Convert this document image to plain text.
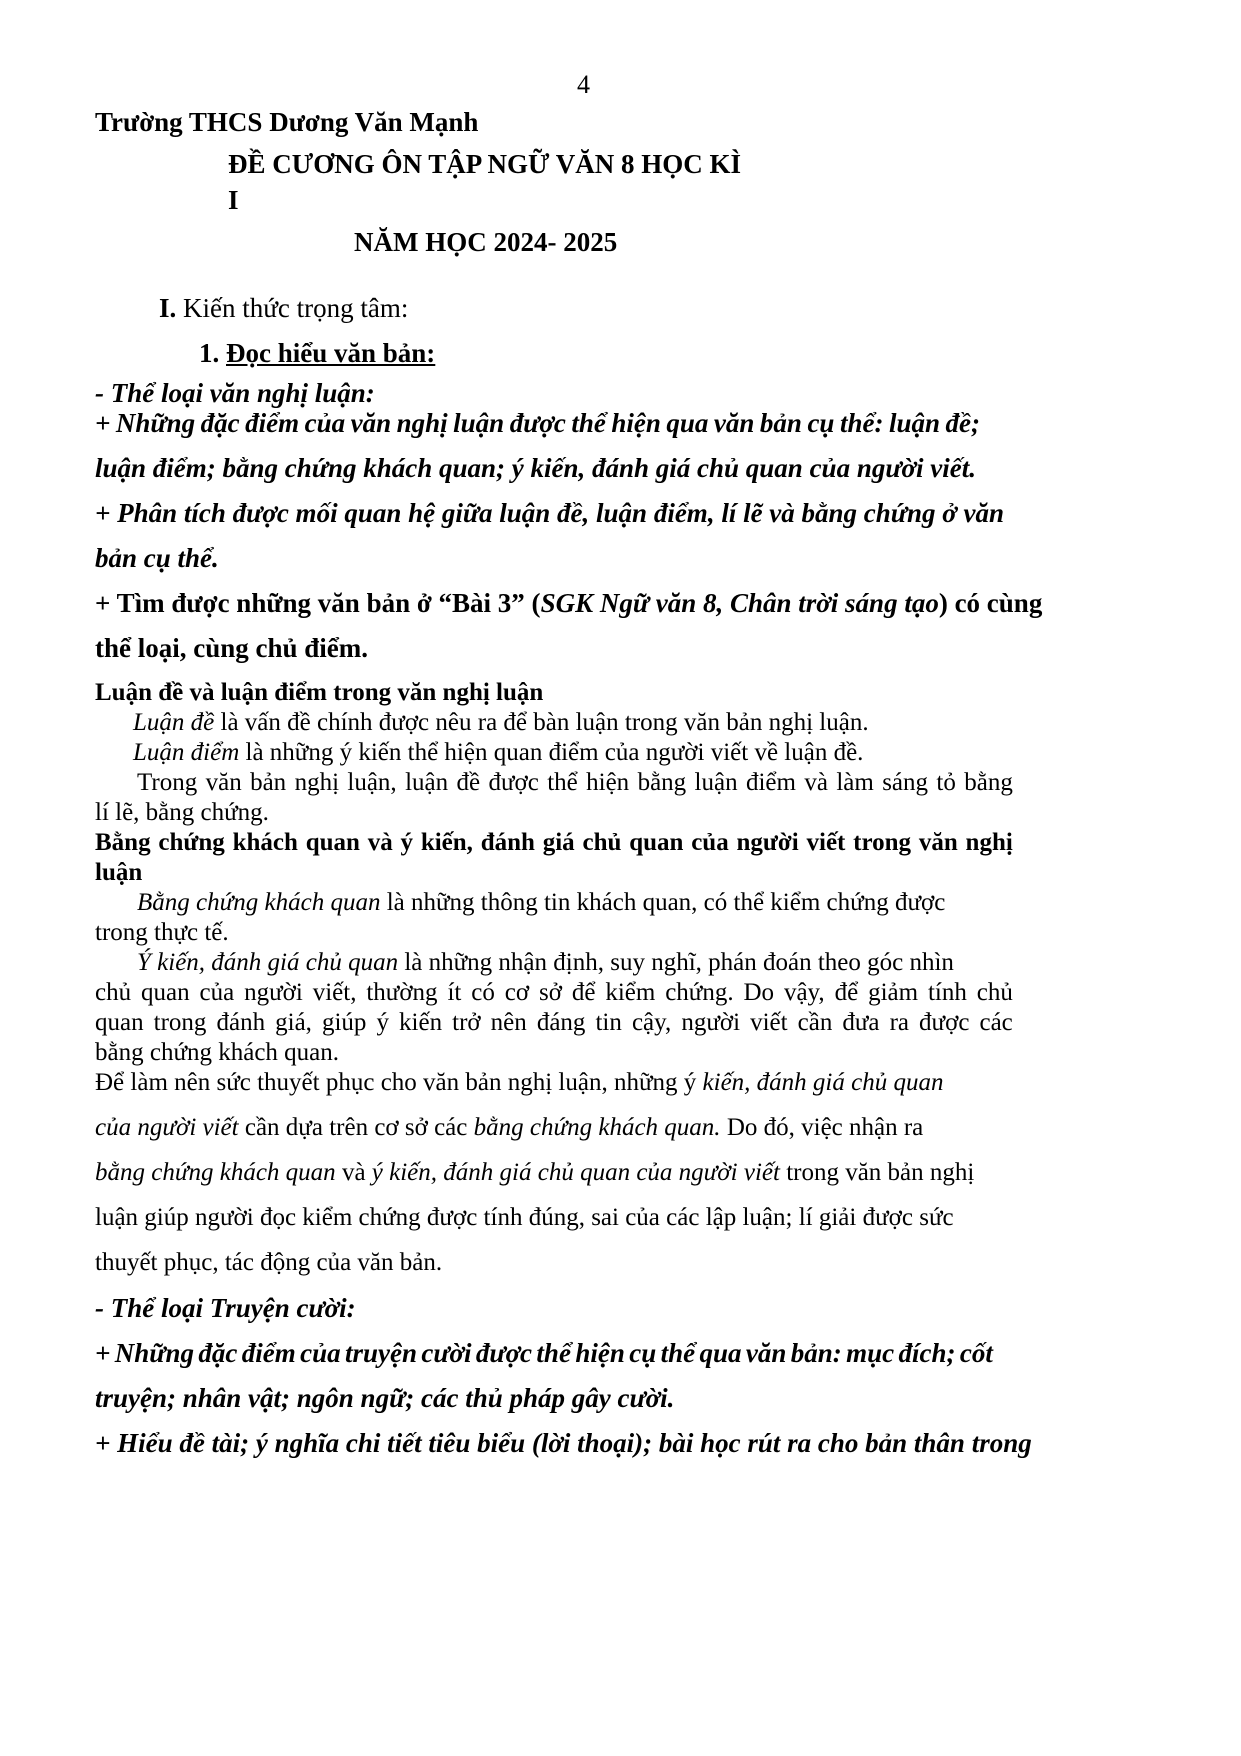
4
Trường THCS Dương Văn Mạnh
ĐỀ CƯƠNG ÔN TẬP NGỮ VĂN 8 HỌC KÌ
I
NĂM HỌC 2024- 2025
I. Kiến thức trọng tâm:
1. Đọc hiểu văn bản:
- Thể loại văn nghị luận:
+ Những đặc điểm của văn nghị luận được thể hiện qua văn bản cụ thể: luận đề;
luận điểm; bằng chứng khách quan; ý kiến, đánh giá chủ quan của người viết.
+ Phân tích được mối quan hệ giữa luận đề, luận điểm, lí lẽ và bằng chứng ở văn
bản cụ thể.
+ Tìm được những văn bản ở “Bài 3” (SGK Ngữ văn 8, Chân trời sáng tạo) có cùng
thể loại, cùng chủ điểm.
Luận đề và luận điểm trong văn nghị luận
Luận đề là vấn đề chính được nêu ra để bàn luận trong văn bản nghị luận.
Luận điểm là những ý kiến thể hiện quan điểm của người viết về luận đề.
Trong văn bản nghị luận, luận đề được thể hiện bằng luận điểm và làm sáng tỏ bằng
lí lẽ, bằng chứng.
Bằng chứng khách quan và ý kiến, đánh giá chủ quan của người viết trong văn nghị
luận
Bằng chứng khách quan là những thông tin khách quan, có thể kiểm chứng được
trong thực tế.
Ý kiến, đánh giá chủ quan là những nhận định, suy nghĩ, phán đoán theo góc nhìn
chủ quan của người viết, thường ít có cơ sở để kiểm chứng. Do vậy, để giảm tính chủ
quan trong đánh giá, giúp ý kiến trở nên đáng tin cậy, người viết cần đưa ra được các
bằng chứng khách quan.
Để làm nên sức thuyết phục cho văn bản nghị luận, những ý kiến, đánh giá chủ quan
của người viết cần dựa trên cơ sở các bằng chứng khách quan. Do đó, việc nhận ra
bằng chứng khách quan và ý kiến, đánh giá chủ quan của người viết trong văn bản nghị
luận giúp người đọc kiểm chứng được tính đúng, sai của các lập luận; lí giải được sức
thuyết phục, tác động của văn bản.
- Thể loại Truyện cười:
+ Những đặc điểm của truyện cười được thể hiện cụ thể qua văn bản: mục đích; cốt
truyện; nhân vật; ngôn ngữ; các thủ pháp gây cười.
+ Hiểu đề tài; ý nghĩa chi tiết tiêu biểu (lời thoại); bài học rút ra cho bản thân trong
